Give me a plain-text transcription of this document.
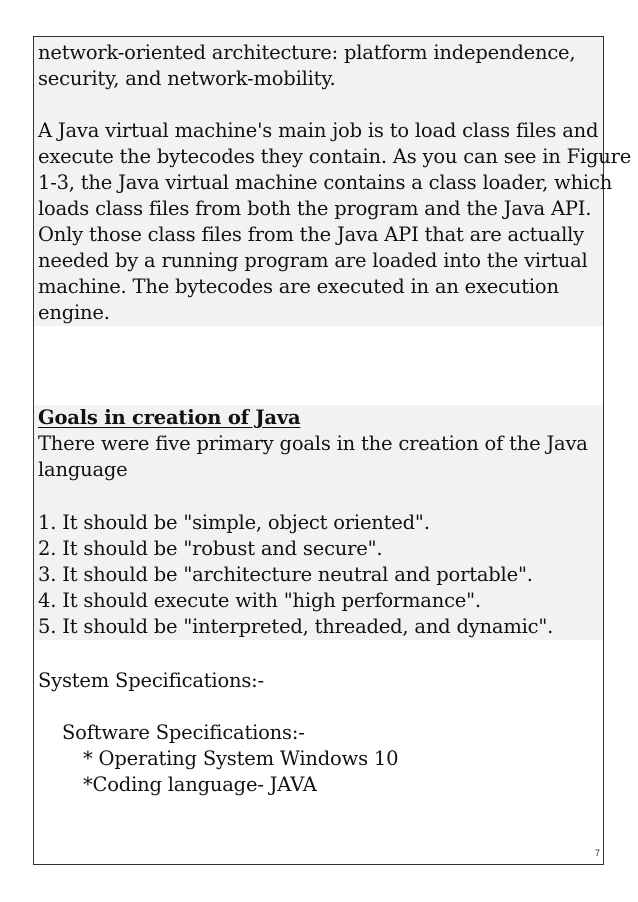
network-oriented architecture: platform independence,
security, and network-mobility.
A Java virtual machine's main job is to load class files and
execute the bytecodes they contain. As you can see in Figure
1-3, the Java virtual machine contains a class loader, which
loads class files from both the program and the Java API.
Only those class files from the Java API that are actually
needed by a running program are loaded into the virtual
machine. The bytecodes are executed in an execution
engine.
Goals in creation of Java
There were five primary goals in the creation of the Java
language
1. It should be "simple, object oriented".
2. It should be "robust and secure".
3. It should be "architecture neutral and portable".
4. It should execute with "high performance".
5. It should be "interpreted, threaded, and dynamic".
System Specifications:-
Software Specifications:-
* Operating System Windows 10
*Coding language- JAVA
7
